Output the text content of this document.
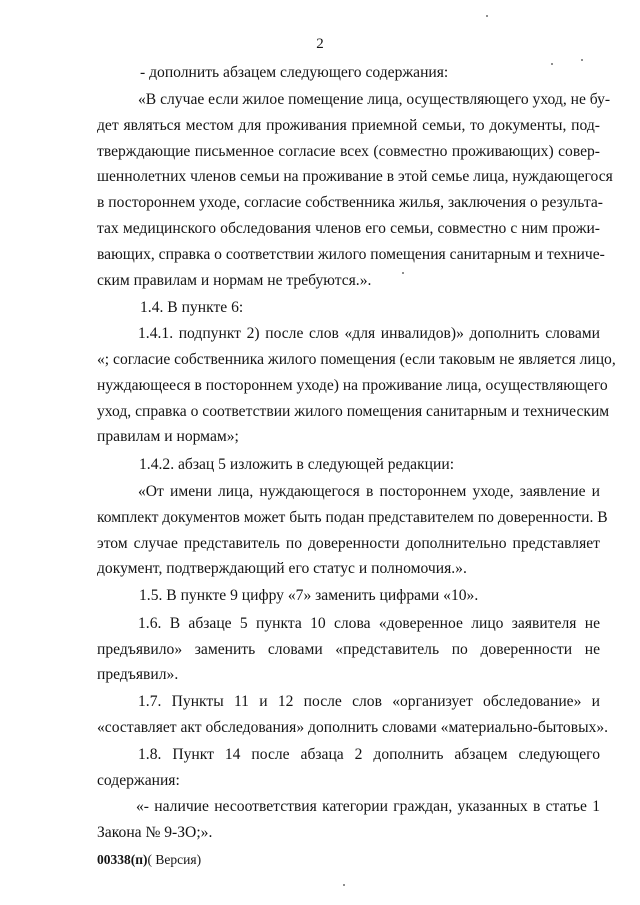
2
- дополнить абзацем следующего содержания:
«В случае если жилое помещение лица, осуществляющего уход, не бу-
дет являться местом для проживания приемной семьи, то документы, под-
тверждающие письменное согласие всех (совместно проживающих) совер-
шеннолетних членов семьи на проживание в этой семье лица, нуждающегося
в постороннем уходе, согласие собственника жилья, заключения о результа-
тах медицинского обследования членов его семьи, совместно с ним прожи-
вающих, справка о соответствии жилого помещения санитарным и техниче-
ским правилам и нормам не требуются.».
1.4. В пункте 6:
1.4.1. подпункт 2) после слов «для инвалидов)» дополнить словами
«; согласие собственника жилого помещения (если таковым не является лицо,
нуждающееся в постороннем уходе) на проживание лица, осуществляющего
уход, справка о соответствии жилого помещения санитарным и техническим
правилам и нормам»;
1.4.2. абзац 5 изложить в следующей редакции:
«От имени лица, нуждающегося в постороннем уходе, заявление и
комплект документов может быть подан представителем по доверенности. В
этом случае представитель по доверенности дополнительно представляет
документ, подтверждающий его статус и полномочия.».
1.5. В пункте 9 цифру «7» заменить цифрами «10».
1.6. В абзаце 5 пункта 10 слова «доверенное лицо заявителя не
предъявило» заменить словами «представитель по доверенности не
предъявил».
1.7. Пункты 11 и 12 после слов «организует обследование» и
«составляет акт обследования» дополнить словами «материально-бытовых».
1.8. Пункт 14 после абзаца 2 дополнить абзацем следующего
содержания:
«- наличие несоответствия категории граждан, указанных в статье 1
Закона № 9-ЗО;».
00338(п)( Версия)
